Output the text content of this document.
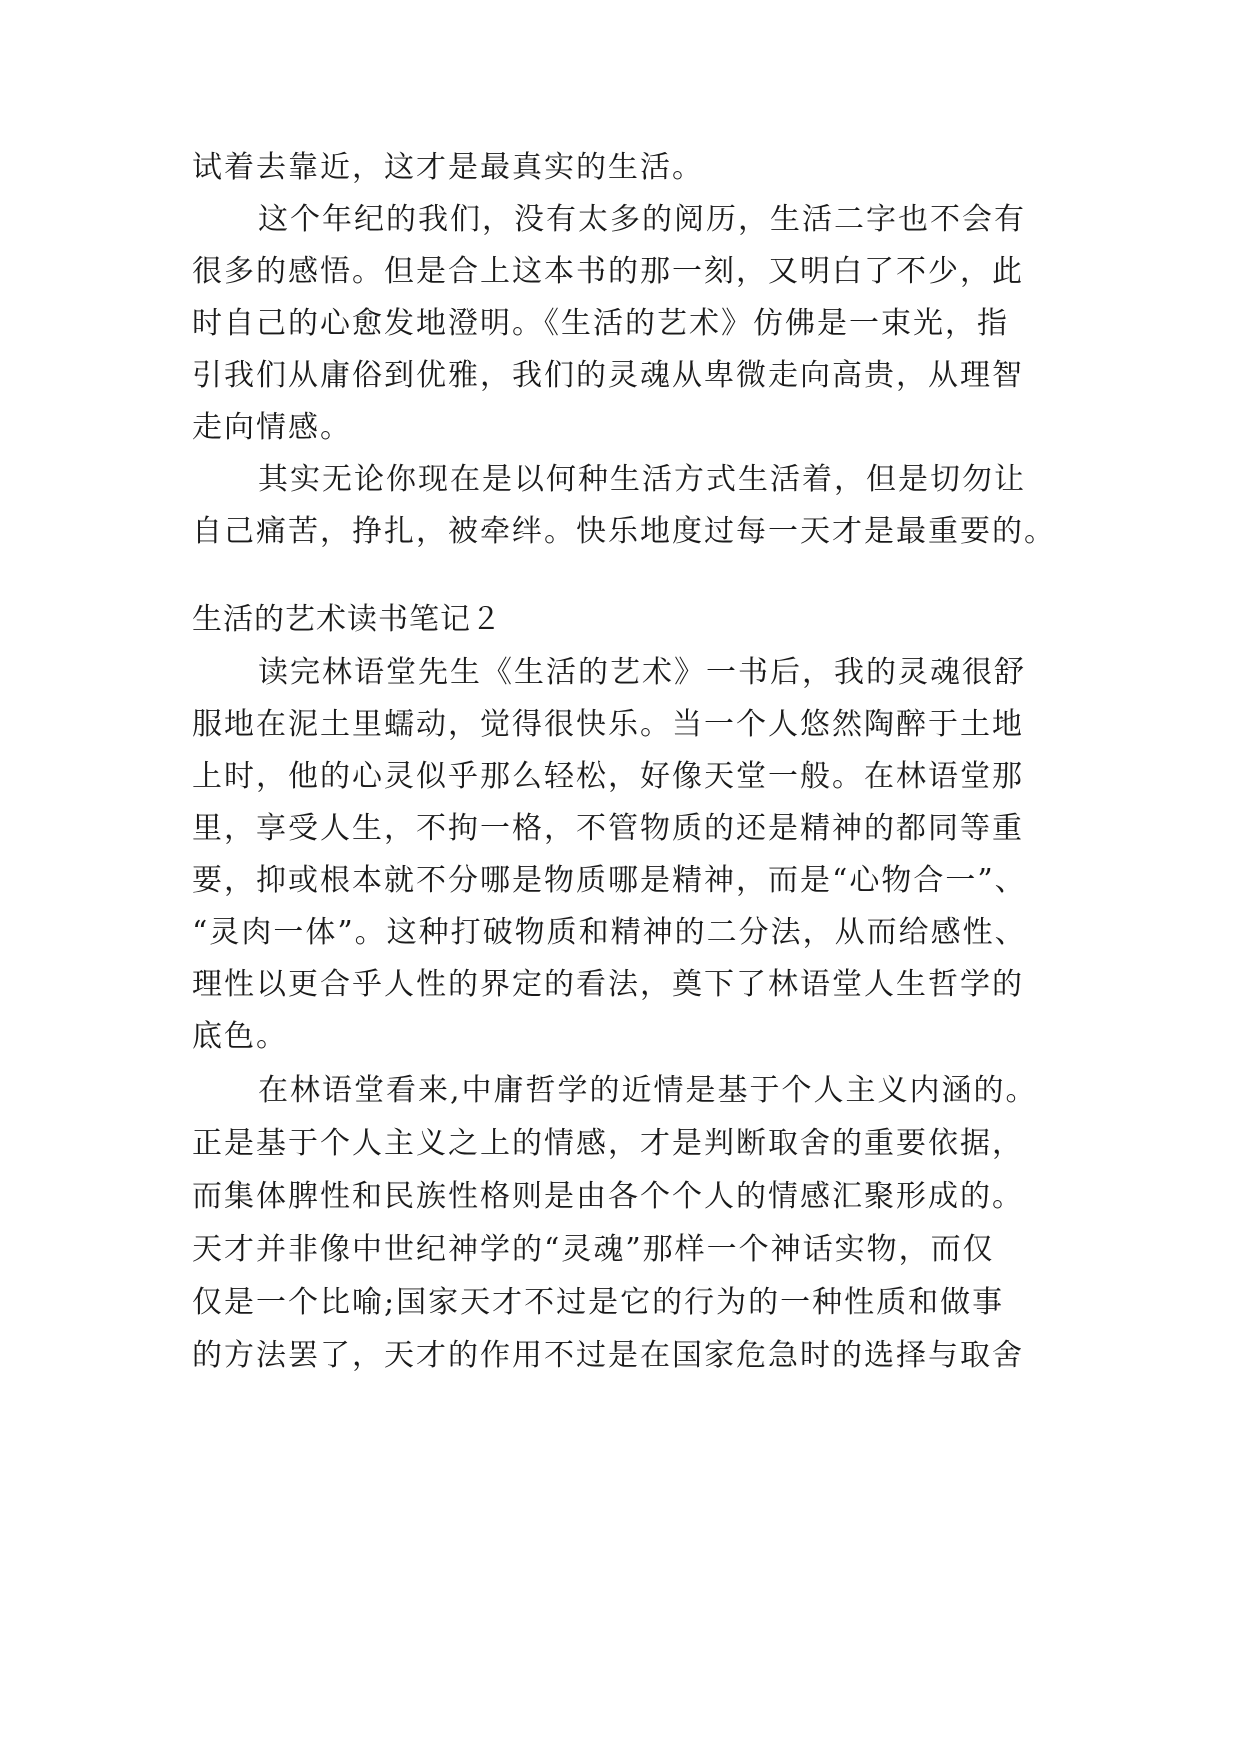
试着去靠近，这才是最真实的生活。
这个年纪的我们，没有太多的阅历，生活二字也不会有
很多的感悟。但是合上这本书的那一刻，又明白了不少，此
时自己的心愈发地澄明。《生活的艺术》仿佛是一束光，指
引我们从庸俗到优雅，我们的灵魂从卑微走向高贵，从理智
走向情感。
其实无论你现在是以何种生活方式生活着，但是切勿让
自己痛苦，挣扎，被牵绊。快乐地度过每一天才是最重要的。
生活的艺术读书笔记２
读完林语堂先生《生活的艺术》一书后，我的灵魂很舒
服地在泥土里蠕动，觉得很快乐。当一个人悠然陶醉于土地
上时，他的心灵似乎那么轻松，好像天堂一般。在林语堂那
里，享受人生，不拘一格，不管物质的还是精神的都同等重
要，抑或根本就不分哪是物质哪是精神，而是“心物合一”、
“灵肉一体”。这种打破物质和精神的二分法，从而给感性、
理性以更合乎人性的界定的看法，奠下了林语堂人生哲学的
底色。
在林语堂看来,中庸哲学的近情是基于个人主义内涵的。
正是基于个人主义之上的情感，才是判断取舍的重要依据，
而集体脾性和民族性格则是由各个个人的情感汇聚形成的。
天才并非像中世纪神学的“灵魂”那样一个神话实物，而仅
仅是一个比喻;国家天才不过是它的行为的一种性质和做事
的方法罢了，天才的作用不过是在国家危急时的选择与取舍
